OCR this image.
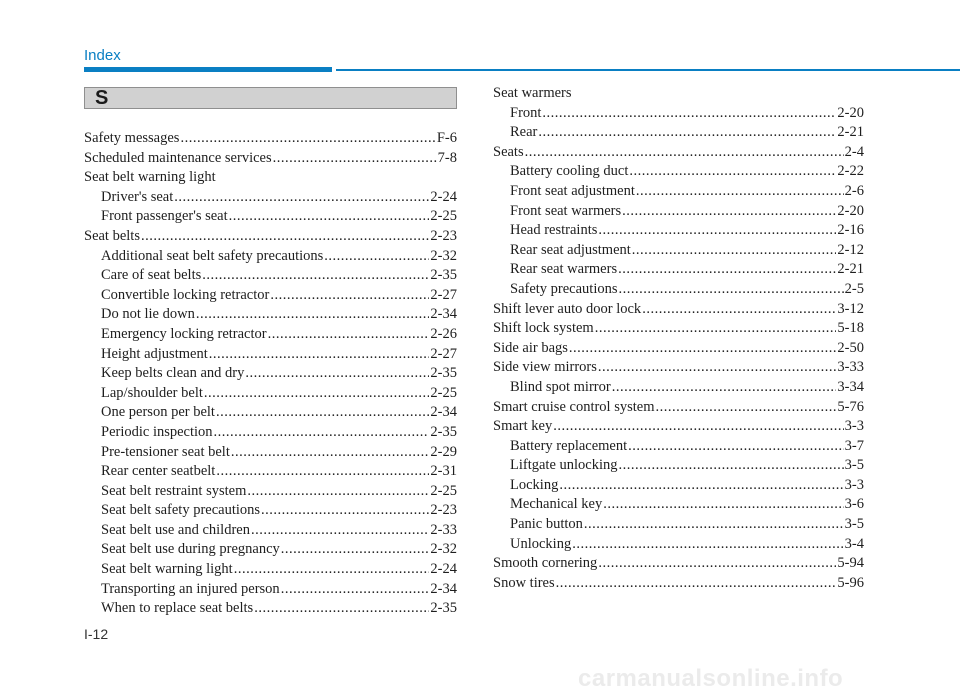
Index
S
Safety messages .....	F-6
Scheduled maintenance services .....	7-8
Seat belt warning light
Driver's seat .....	2-24
Front passenger's seat .....	2-25
Seat belts .....	2-23
Additional seat belt safety precautions .....	2-32
Care of seat belts .....	2-35
Convertible locking retractor .....	2-27
Do not lie down .....	2-34
Emergency locking retractor .....	2-26
Height adjustment .....	2-27
Keep belts clean and dry .....	2-35
Lap/shoulder belt .....	2-25
One person per belt .....	2-34
Periodic inspection .....	2-35
Pre-tensioner seat belt .....	2-29
Rear center seatbelt .....	2-31
Seat belt restraint system .....	2-25
Seat belt safety precautions .....	2-23
Seat belt use and children .....	2-33
Seat belt use during pregnancy .....	2-32
Seat belt warning light .....	2-24
Transporting an injured person .....	2-34
When to replace seat belts .....	2-35
Seat warmers
Front .....	2-20
Rear .....	2-21
Seats .....	2-4
Battery cooling duct .....	2-22
Front seat adjustment .....	2-6
Front seat warmers .....	2-20
Head restraints .....	2-16
Rear seat adjustment .....	2-12
Rear seat warmers .....	2-21
Safety precautions .....	2-5
Shift lever auto door lock .....	3-12
Shift lock system .....	5-18
Side air bags .....	2-50
Side view mirrors .....	3-33
Blind spot mirror .....	3-34
Smart cruise control system .....	5-76
Smart key .....	3-3
Battery replacement .....	3-7
Liftgate unlocking .....	3-5
Locking .....	3-3
Mechanical key .....	3-6
Panic button .....	3-5
Unlocking .....	3-4
Smooth cornering .....	5-94
Snow tires .....	5-96
I-12
carmanualsonline.info
